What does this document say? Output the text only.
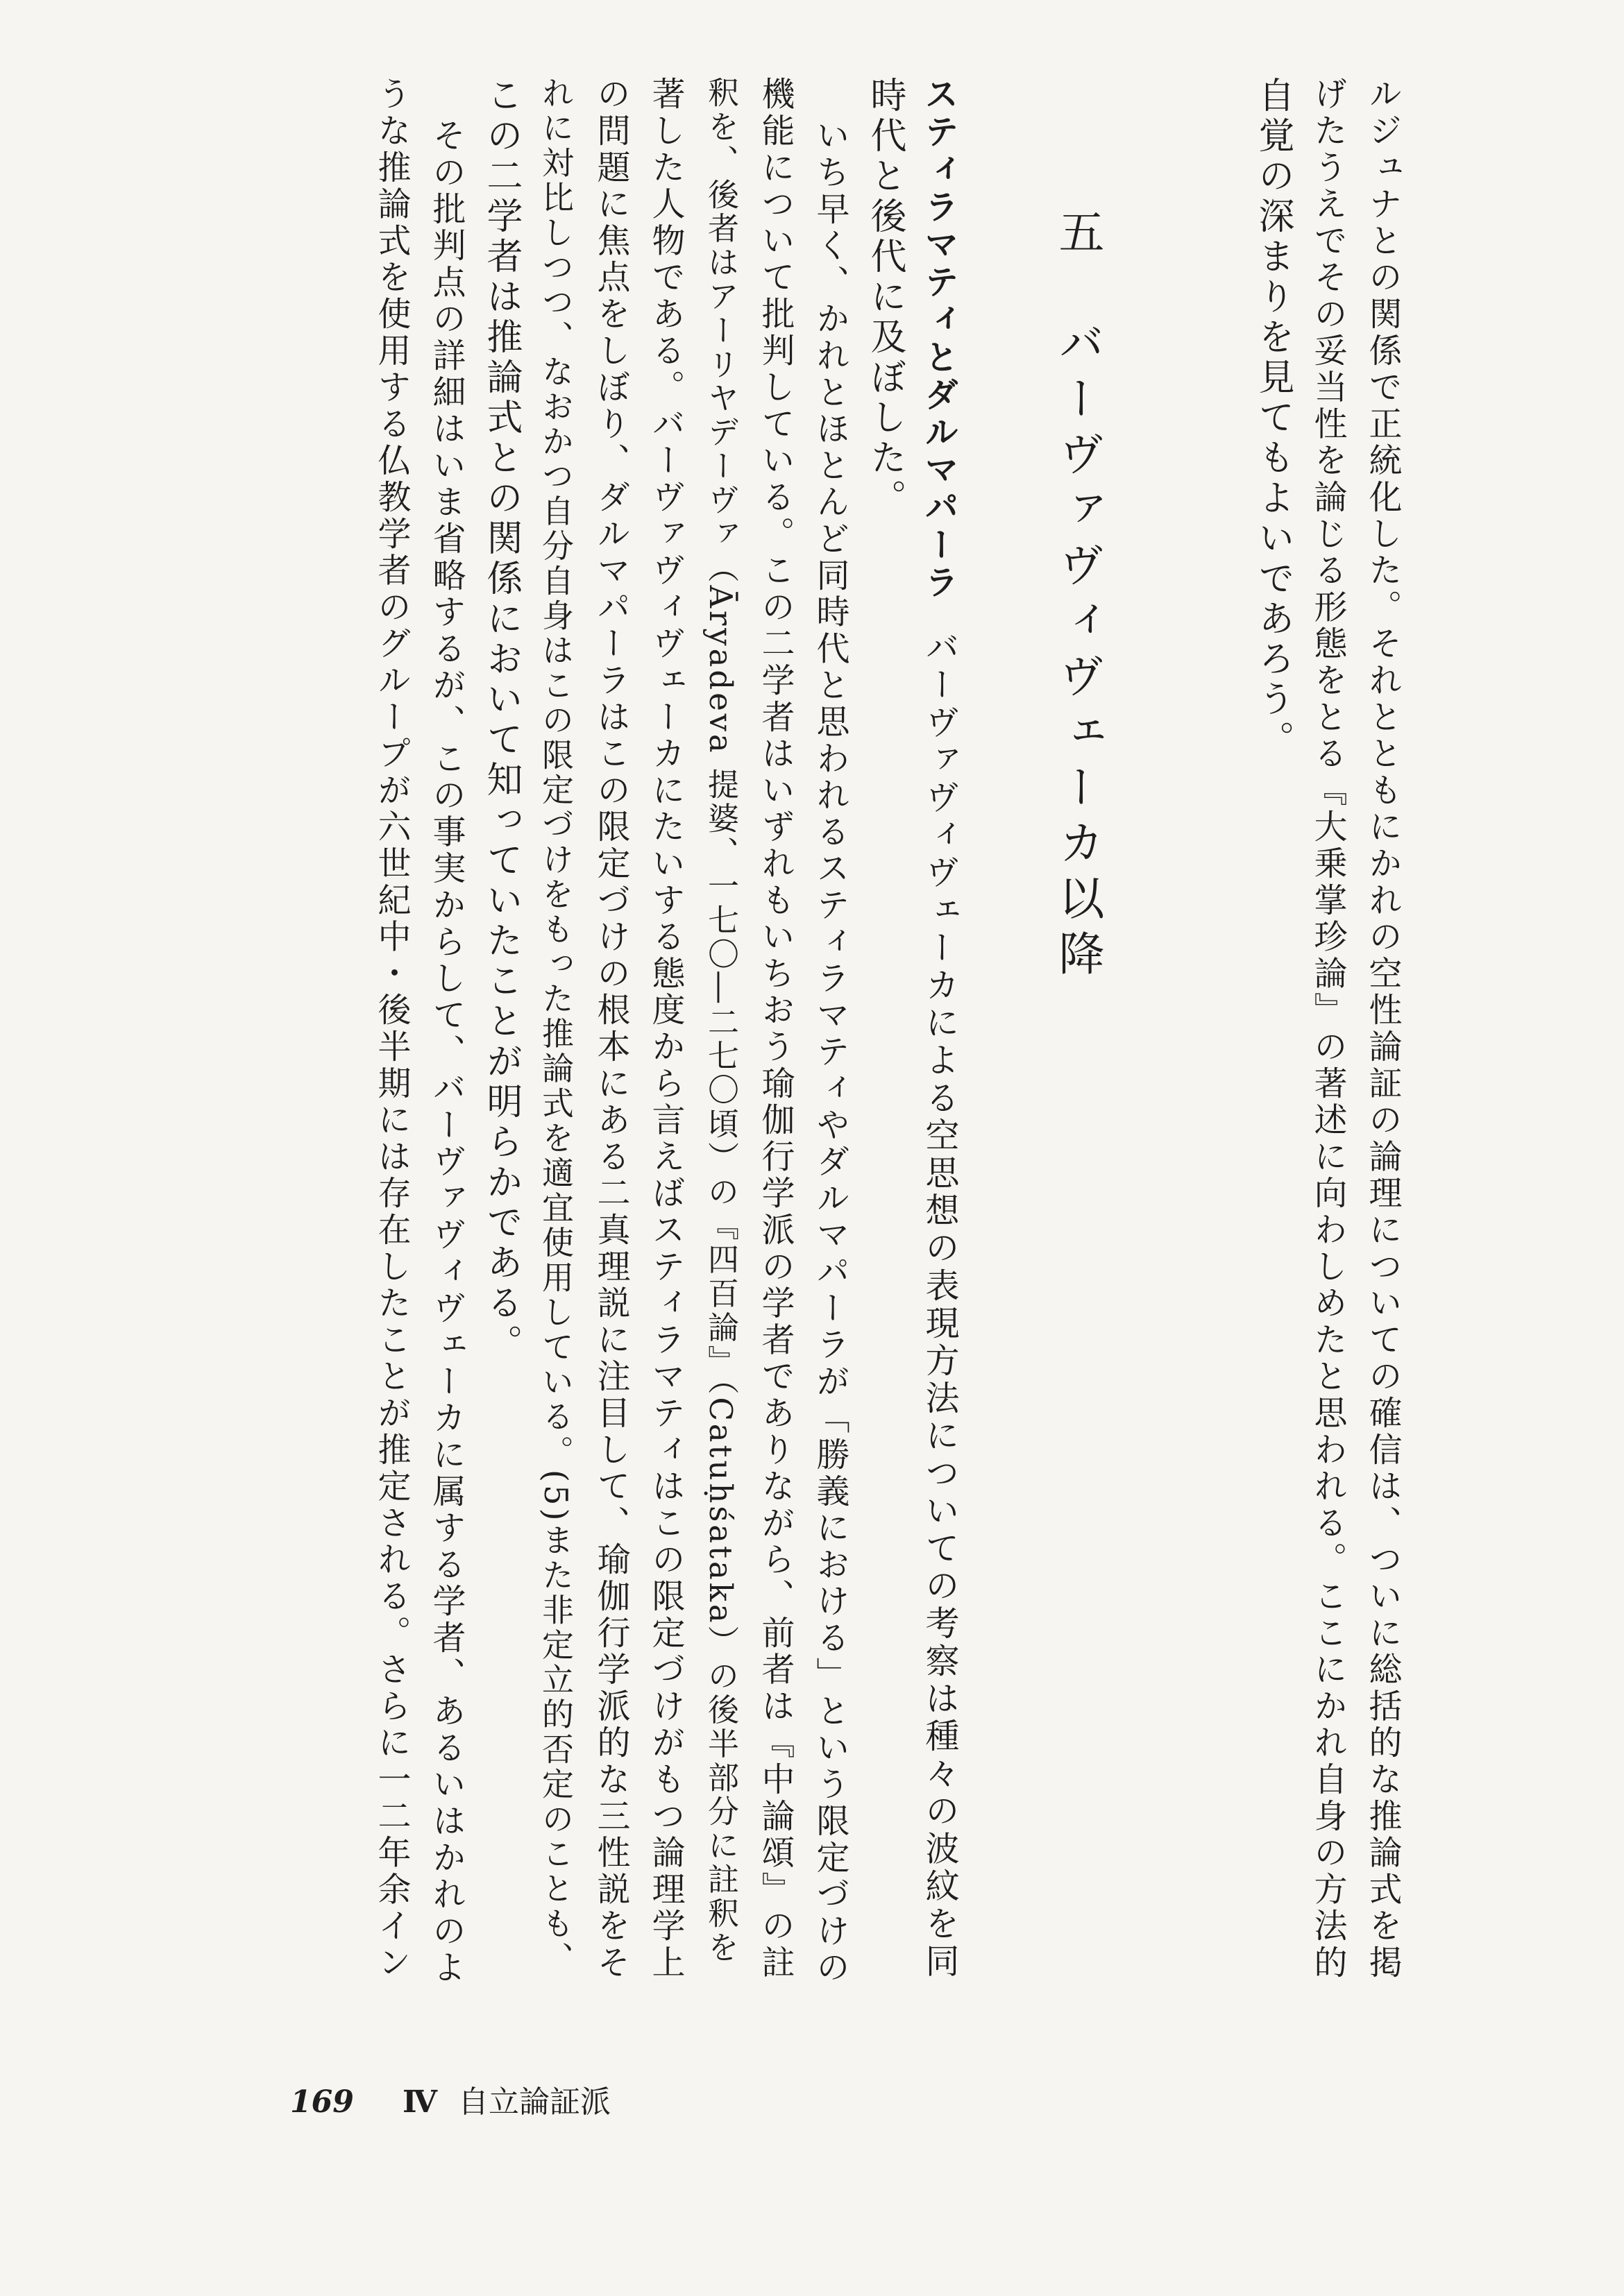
ルジュナとの関係で正統化した。それとともにかれの空性論証の論理についての確信は、ついに総括的な推論式を掲
げたうえでその妥当性を論じる形態をとる『大乗掌珍論』の著述に向わしめたと思われる。ここにかれ自身の方法的
自覚の深まりを見てもよいであろう。
五　バーヴァヴィヴェーカ以降
スティラマティとダルマパーラバーヴァヴィヴェーカによる空思想の表現方法についての考察は種々の波紋を同
時代と後代に及ぼした。
いち早く、かれとほとんど同時代と思われるスティラマティやダルマパーラが「勝義における」という限定づけの
機能について批判している。この二学者はいずれもいちおう瑜伽行学派の学者でありながら、前者は『中論頌』の註
釈を、後者はアーリヤデーヴァ（Āryadeva 提婆、一七〇―二七〇頃）の『四百論』（Catuḥśataka）の後半部分に註釈を
著した人物である。バーヴァヴィヴェーカにたいする態度から言えばスティラマティはこの限定づけがもつ論理学上
の問題に焦点をしぼり、ダルマパーラはこの限定づけの根本にある二真理説に注目して、瑜伽行学派的な三性説をそ
れに対比しつつ、なおかつ自分自身はこの限定づけをもった推論式を適宜使用している。(5)また非定立的否定のことも、
この二学者は推論式との関係において知っていたことが明らかである。
その批判点の詳細はいま省略するが、この事実からして、バーヴァヴィヴェーカに属する学者、あるいはかれのよ
うな推論式を使用する仏教学者のグループが六世紀中・後半期には存在したことが推定される。さらに一二年余イン
169 Ⅳ 自立論証派
